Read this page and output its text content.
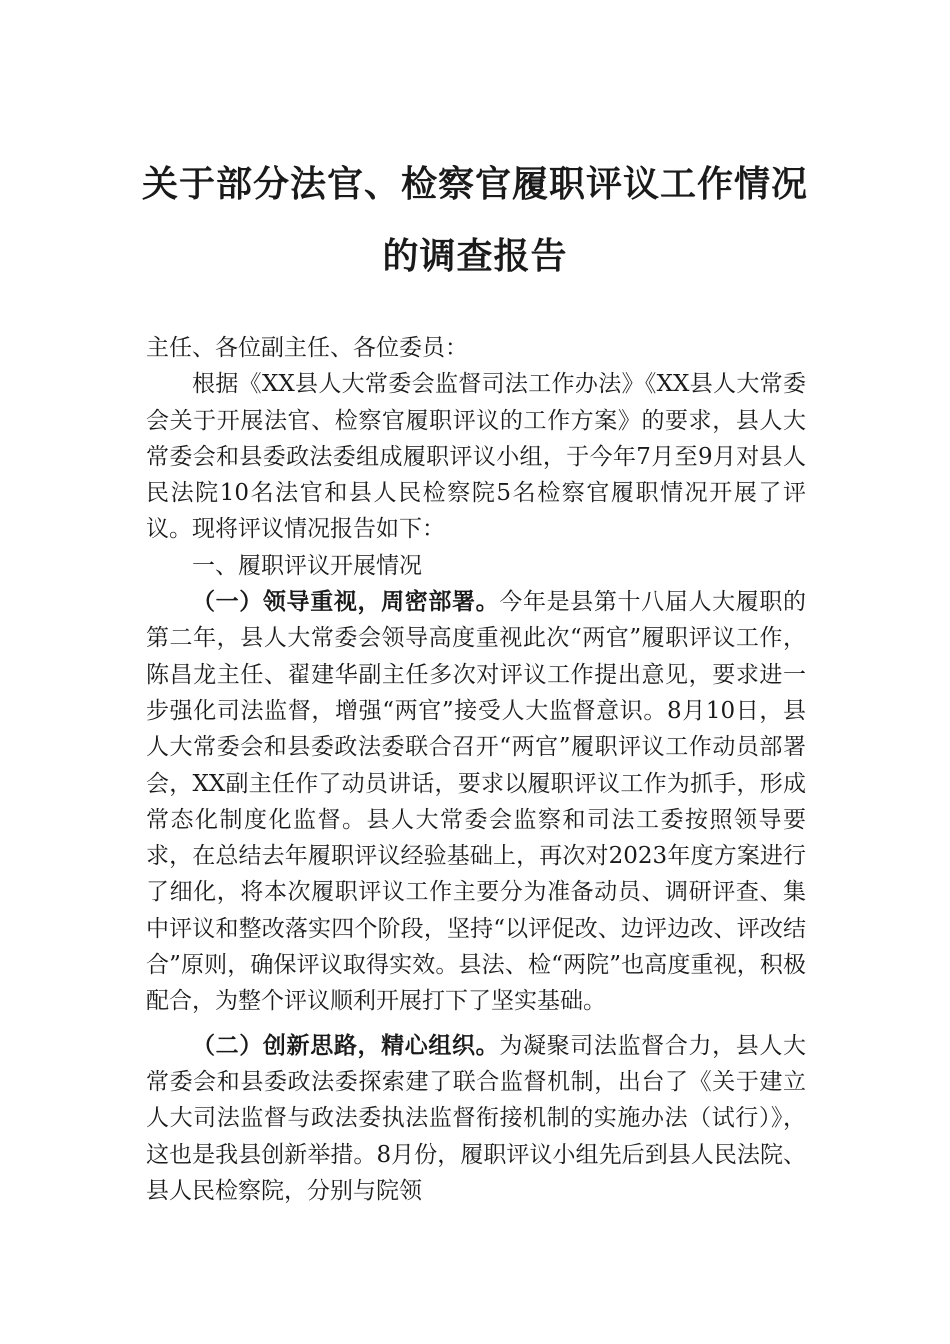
关于部分法官、检察官履职评议工作情况
的调查报告

主任、各位副主任、各位委员：

根据《XX县人大常委会监督司法工作办法》《XX县人大常委会关于开展法官、检察官履职评议的工作方案》的要求，县人大常委会和县委政法委组成履职评议小组，于今年7月至9月对县人民法院10名法官和县人民检察院5名检察官履职情况开展了评议。现将评议情况报告如下：

一、履职评议开展情况

（一）领导重视，周密部署。今年是县第十八届人大履职的第二年，县人大常委会领导高度重视此次“两官”履职评议工作，陈昌龙主任、翟建华副主任多次对评议工作提出意见，要求进一步强化司法监督，增强“两官”接受人大监督意识。8月10日，县人大常委会和县委政法委联合召开“两官”履职评议工作动员部署会，XX副主任作了动员讲话，要求以履职评议工作为抓手，形成常态化制度化监督。县人大常委会监察和司法工委按照领导要求，在总结去年履职评议经验基础上，再次对2023年度方案进行了细化，将本次履职评议工作主要分为准备动员、调研评查、集中评议和整改落实四个阶段，坚持“以评促改、边评边改、评改结合”原则，确保评议取得实效。县法、检“两院”也高度重视，积极配合，为整个评议顺利开展打下了坚实基础。

（二）创新思路，精心组织。为凝聚司法监督合力，县人大常委会和县委政法委探索建了联合监督机制，出台了《关于建立人大司法监督与政法委执法监督衔接机制的实施办法（试行）》，这也是我县创新举措。8月份，履职评议小组先后到县人民法院、县人民检察院，分别与院领
